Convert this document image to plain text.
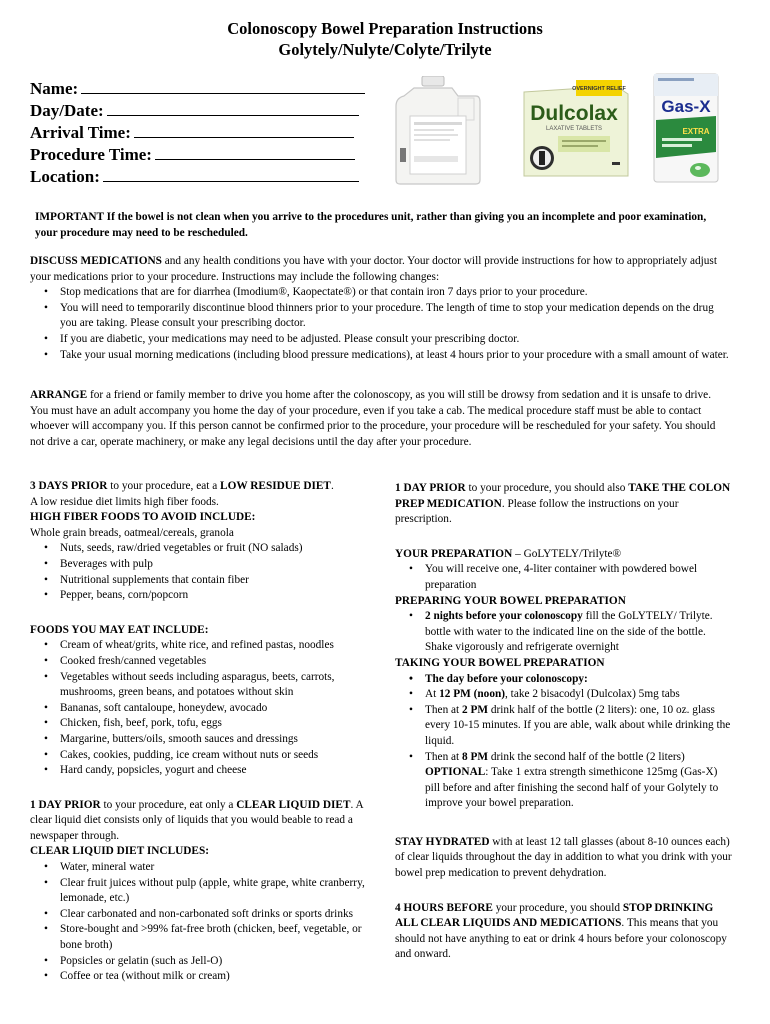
Colonoscopy Bowel Preparation Instructions
Golytely/Nulyte/Colyte/Trilyte
Name:
Day/Date:
Arrival Time:
Procedure Time:
Location:
OVERNIGHT RELIEF
Dulcolax
LAXATIVE TABLETS
Gas-X
EXTRA
IMPORTANT If the bowel is not clean when you arrive to the procedures unit, rather than giving you an incomplete and poor examination, your procedure may need to be rescheduled.
DISCUSS MEDICATIONS and any health conditions you have with your doctor. Your doctor will provide instructions for how to appropriately adjust your medications prior to your procedure. Instructions may include the following changes:
• Stop medications that are for diarrhea (Imodium®, Kaopectate®) or that contain iron 7 days prior to your procedure.
• You will need to temporarily discontinue blood thinners prior to your procedure. The length of time to stop your medication depends on the drug you are taking. Please consult your prescribing doctor.
• If you are diabetic, your medications may need to be adjusted. Please consult your prescribing doctor.
• Take your usual morning medications (including blood pressure medications), at least 4 hours prior to your procedure with a small amount of water.
ARRANGE for a friend or family member to drive you home after the colonoscopy, as you will still be drowsy from sedation and it is unsafe to drive. You must have an adult accompany you home the day of your procedure, even if you take a cab. The medical procedure staff must be able to contact whoever will accompany you. If this person cannot be confirmed prior to the procedure, your procedure will be rescheduled for your safety. You should not drive a car, operate machinery, or make any legal decisions until the day after your procedure.
3 DAYS PRIOR to your procedure, eat a LOW RESIDUE DIET.
A low residue diet limits high fiber foods.
HIGH FIBER FOODS TO AVOID INCLUDE:
Whole grain breads, oatmeal/cereals, granola
• Nuts, seeds, raw/dried vegetables or fruit (NO salads)
• Beverages with pulp
• Nutritional supplements that contain fiber
• Pepper, beans, corn/popcorn
FOODS YOU MAY EAT INCLUDE:
• Cream of wheat/grits, white rice, and refined pastas, noodles
• Cooked fresh/canned vegetables
• Vegetables without seeds including asparagus, beets, carrots, mushrooms, green beans, and potatoes without skin
• Bananas, soft cantaloupe, honeydew, avocado
• Chicken, fish, beef, pork, tofu, eggs
• Margarine, butters/oils, smooth sauces and dressings
• Cakes, cookies, pudding, ice cream without nuts or seeds
• Hard candy, popsicles, yogurt and cheese
1 DAY PRIOR to your procedure, eat only a CLEAR LIQUID DIET. A clear liquid diet consists only of liquids that you would beable to read a newspaper through.
CLEAR LIQUID DIET INCLUDES:
• Water, mineral water
• Clear fruit juices without pulp (apple, white grape, white cranberry, lemonade, etc.)
• Clear carbonated and non-carbonated soft drinks or sports drinks
• Store-bought and >99% fat-free broth (chicken, beef, vegetable, or bone broth)
• Popsicles or gelatin (such as Jell-O)
• Coffee or tea (without milk or cream)
1 DAY PRIOR to your procedure, you should also TAKE THE COLON PREP MEDICATION. Please follow the instructions on your prescription.
YOUR PREPARATION – GoLYTELY/Trilyte®
• You will receive one, 4-liter container with powdered bowel preparation
PREPARING YOUR BOWEL PREPARATION
• 2 nights before your colonoscopy fill the GoLYTELY/ Trilyte. bottle with water to the indicated line on the side of the bottle. Shake vigorously and refrigerate overnight
TAKING YOUR BOWEL PREPARATION
• The day before your colonoscopy:
• At 12 PM (noon), take 2 bisacodyl (Dulcolax) 5mg tabs
• Then at 2 PM drink half of the bottle (2 liters): one, 10 oz. glass every 10-15 minutes. If you are able, walk about while drinking the liquid.
• Then at 8 PM drink the second half of the bottle (2 liters) OPTIONAL: Take 1 extra strength simethicone 125mg (Gas-X) pill before and after finishing the second half of your Golytely to improve your bowel preparation.
STAY HYDRATED with at least 12 tall glasses (about 8-10 ounces each) of clear liquids throughout the day in addition to what you drink with your bowel prep medication to prevent dehydration.
4 HOURS BEFORE your procedure, you should STOP DRINKING ALL CLEAR LIQUIDS AND MEDICATIONS. This means that you should not have anything to eat or drink 4 hours before your colonoscopy and onward.
